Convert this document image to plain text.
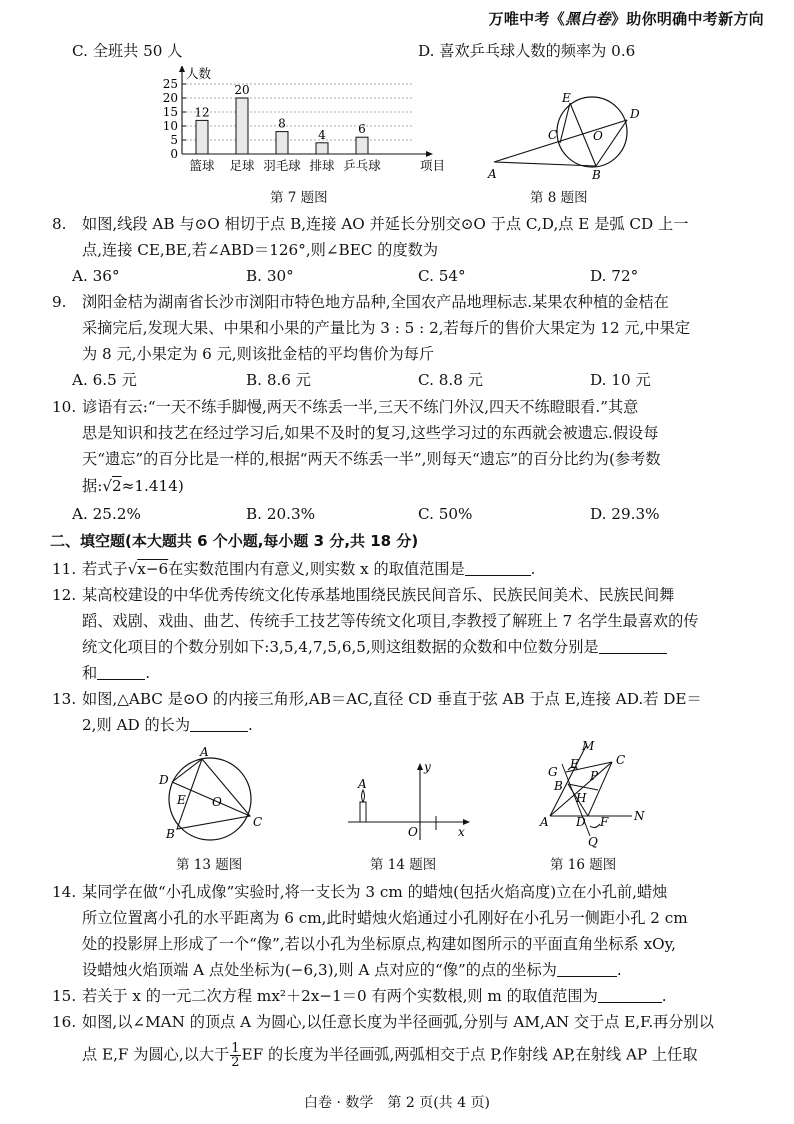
万唯中考《黑白卷》助你明确中考新方向
C. 全班共 50 人	D. 喜欢乒乓球人数的频率为 0.6
0
5
10
15
20
25
12
篮球
20
足球
8
羽毛球
4
排球
6
乒乓球
人数
项目
第 7 题图
E
D
C	O
A	B
第 8 题图
8. 如图,线段 AB 与⊙O 相切于点 B,连接 AO 并延长分别交⊙O 于点 C,D,点 E 是弧 CD 上一
点,连接 CE,BE,若∠ABD＝126°,则∠BEC 的度数为
A. 36°	B. 30°	C. 54°	D. 72°
9. 浏阳金桔为湖南省长沙市浏阳市特色地方品种,全国农产品地理标志.某果农种植的金桔在
采摘完后,发现大果、中果和小果的产量比为 3 : 5 : 2,若每斤的售价大果定为 12 元,中果定
为 8 元,小果定为 6 元,则该批金桔的平均售价为每斤
A. 6.5 元	B. 8.6 元	C. 8.8 元	D. 10 元
10. 谚语有云:“一天不练手脚慢,两天不练丢一半,三天不练门外汉,四天不练瞪眼看.”其意
思是知识和技艺在经过学习后,如果不及时的复习,这些学习过的东西就会被遗忘.假设每
天“遗忘”的百分比是一样的,根据“两天不练丢一半”,则每天“遗忘”的百分比约为(参考数
据:√2≈1.414)
A. 25.2%	B. 20.3%	C. 50%	D. 29.3%
二、填空题(本大题共 6 个小题,每小题 3 分,共 18 分)
11. 若式子√x−6在实数范围内有意义,则实数 x 的取值范围是	.
12. 某高校建设的中华优秀传统文化传承基地围绕民族民间音乐、民族民间美术、民族民间舞
蹈、戏剧、戏曲、曲艺、传统手工技艺等传统文化项目,李教授了解班上 7 名学生最喜欢的传
统文化项目的个数分别如下:3,5,4,7,5,6,5,则这组数据的众数和中位数分别是
和	.
13. 如图,△ABC 是⊙O 的内接三角形,AB＝AC,直径 CD 垂直于弦 AB 于点 E,连接 AD.若 DE＝
2,则 AD 的长为	.
A
D
E O
B
C
第 13 题图
A
y
O	x
第 14 题图
M
G
E	C
P
B
H
A D F N
Q
第 16 题图
14. 某同学在做“小孔成像”实验时,将一支长为 3 cm 的蜡烛(包括火焰高度)立在小孔前,蜡烛
所立位置离小孔的水平距离为 6 cm,此时蜡烛火焰通过小孔刚好在小孔另一侧距小孔 2 cm
处的投影屏上形成了一个“像”,若以小孔为坐标原点,构建如图所示的平面直角坐标系 xOy,
设蜡烛火焰顶端 A 点处坐标为(−6,3),则 A 点对应的“像”的点的坐标为	.
15. 若关于 x 的一元二次方程 mx²＋2x−1＝0 有两个实数根,则 m 的取值范围为	.
16. 如图,以∠MAN 的顶点 A 为圆心,以任意长度为半径画弧,分别与 AM,AN 交于点 E,F.再分别以
点 E,F 为圆心,以大于 $\frac{1}{2}$ EF 的长度为半径画弧,两弧相交于点 P,作射线 AP,在射线 AP 上任取
白卷 · 数学　第 2 页(共 4 页)
